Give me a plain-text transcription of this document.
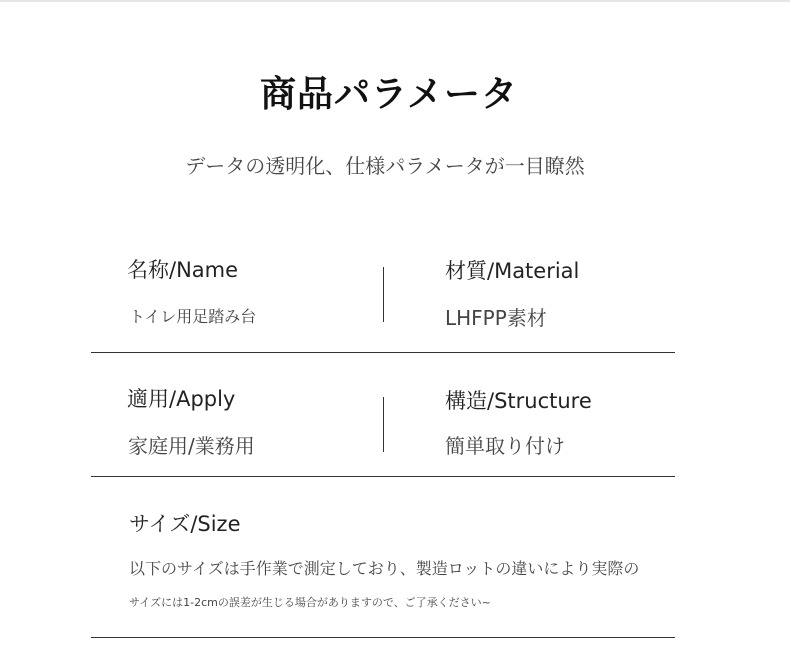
商品パラメータ
データの透明化、仕様パラメータが一目瞭然
名称/Name
トイレ用足踏み台
材質/Material
LHFPP素材
適用/Apply
家庭用/業務用
構造/Structure
簡単取り付け
サイズ/Size
以下のサイズは手作業で測定しており、製造ロットの違いにより実際の
サイズには1-2cmの誤差が生じる場合がありますので、ご了承ください~
